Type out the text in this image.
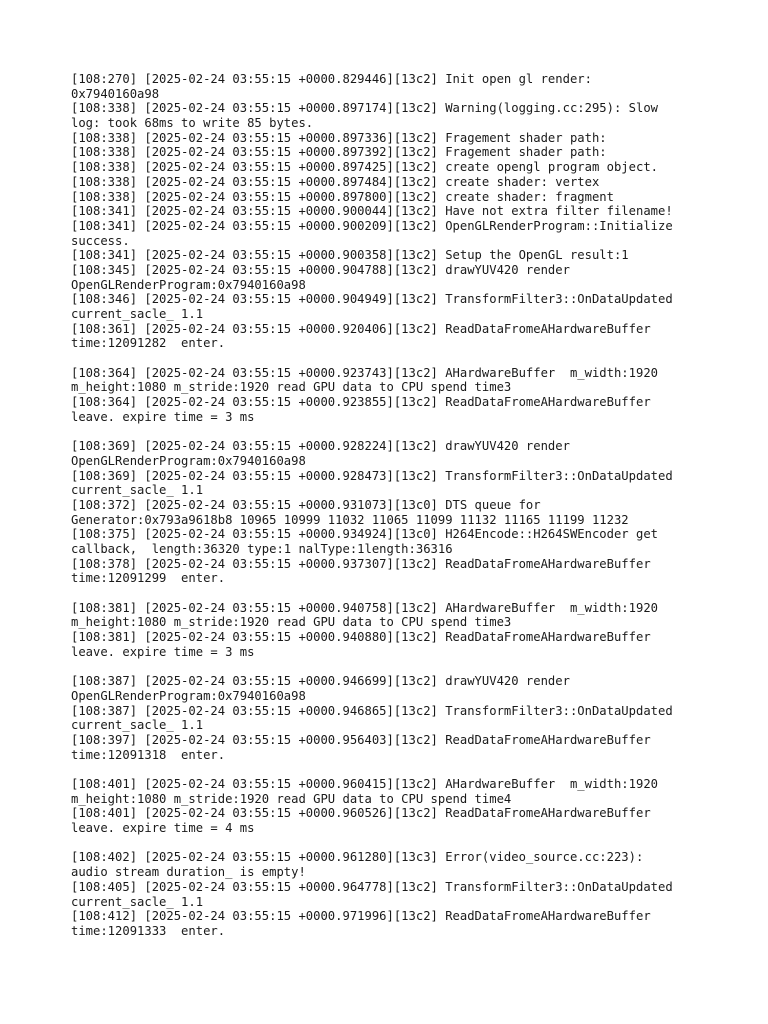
[108:270] [2025-02-24 03:55:15 +0000.829446][13c2] Init open gl render:
0x7940160a98
[108:338] [2025-02-24 03:55:15 +0000.897174][13c2] Warning(logging.cc:295): Slow
log: took 68ms to write 85 bytes.
[108:338] [2025-02-24 03:55:15 +0000.897336][13c2] Fragement shader path:
[108:338] [2025-02-24 03:55:15 +0000.897392][13c2] Fragement shader path:
[108:338] [2025-02-24 03:55:15 +0000.897425][13c2] create opengl program object.
[108:338] [2025-02-24 03:55:15 +0000.897484][13c2] create shader: vertex
[108:338] [2025-02-24 03:55:15 +0000.897800][13c2] create shader: fragment
[108:341] [2025-02-24 03:55:15 +0000.900044][13c2] Have not extra filter filename!
[108:341] [2025-02-24 03:55:15 +0000.900209][13c2] OpenGLRenderProgram::Initialize
success.
[108:341] [2025-02-24 03:55:15 +0000.900358][13c2] Setup the OpenGL result:1
[108:345] [2025-02-24 03:55:15 +0000.904788][13c2] drawYUV420 render
OpenGLRenderProgram:0x7940160a98
[108:346] [2025-02-24 03:55:15 +0000.904949][13c2] TransformFilter3::OnDataUpdated
current_sacle_ 1.1
[108:361] [2025-02-24 03:55:15 +0000.920406][13c2] ReadDataFromeAHardwareBuffer
time:12091282  enter.
[108:364] [2025-02-24 03:55:15 +0000.923743][13c2] AHardwareBuffer  m_width:1920
m_height:1080 m_stride:1920 read GPU data to CPU spend time3
[108:364] [2025-02-24 03:55:15 +0000.923855][13c2] ReadDataFromeAHardwareBuffer
leave. expire time = 3 ms
[108:369] [2025-02-24 03:55:15 +0000.928224][13c2] drawYUV420 render
OpenGLRenderProgram:0x7940160a98
[108:369] [2025-02-24 03:55:15 +0000.928473][13c2] TransformFilter3::OnDataUpdated
current_sacle_ 1.1
[108:372] [2025-02-24 03:55:15 +0000.931073][13c0] DTS queue for
Generator:0x793a9618b8 10965 10999 11032 11065 11099 11132 11165 11199 11232
[108:375] [2025-02-24 03:55:15 +0000.934924][13c0] H264Encode::H264SWEncoder get
callback,  length:36320 type:1 nalType:1length:36316
[108:378] [2025-02-24 03:55:15 +0000.937307][13c2] ReadDataFromeAHardwareBuffer
time:12091299  enter.
[108:381] [2025-02-24 03:55:15 +0000.940758][13c2] AHardwareBuffer  m_width:1920
m_height:1080 m_stride:1920 read GPU data to CPU spend time3
[108:381] [2025-02-24 03:55:15 +0000.940880][13c2] ReadDataFromeAHardwareBuffer
leave. expire time = 3 ms
[108:387] [2025-02-24 03:55:15 +0000.946699][13c2] drawYUV420 render
OpenGLRenderProgram:0x7940160a98
[108:387] [2025-02-24 03:55:15 +0000.946865][13c2] TransformFilter3::OnDataUpdated
current_sacle_ 1.1
[108:397] [2025-02-24 03:55:15 +0000.956403][13c2] ReadDataFromeAHardwareBuffer
time:12091318  enter.
[108:401] [2025-02-24 03:55:15 +0000.960415][13c2] AHardwareBuffer  m_width:1920
m_height:1080 m_stride:1920 read GPU data to CPU spend time4
[108:401] [2025-02-24 03:55:15 +0000.960526][13c2] ReadDataFromeAHardwareBuffer
leave. expire time = 4 ms
[108:402] [2025-02-24 03:55:15 +0000.961280][13c3] Error(video_source.cc:223):
audio stream duration_ is empty!
[108:405] [2025-02-24 03:55:15 +0000.964778][13c2] TransformFilter3::OnDataUpdated
current_sacle_ 1.1
[108:412] [2025-02-24 03:55:15 +0000.971996][13c2] ReadDataFromeAHardwareBuffer
time:12091333  enter.
